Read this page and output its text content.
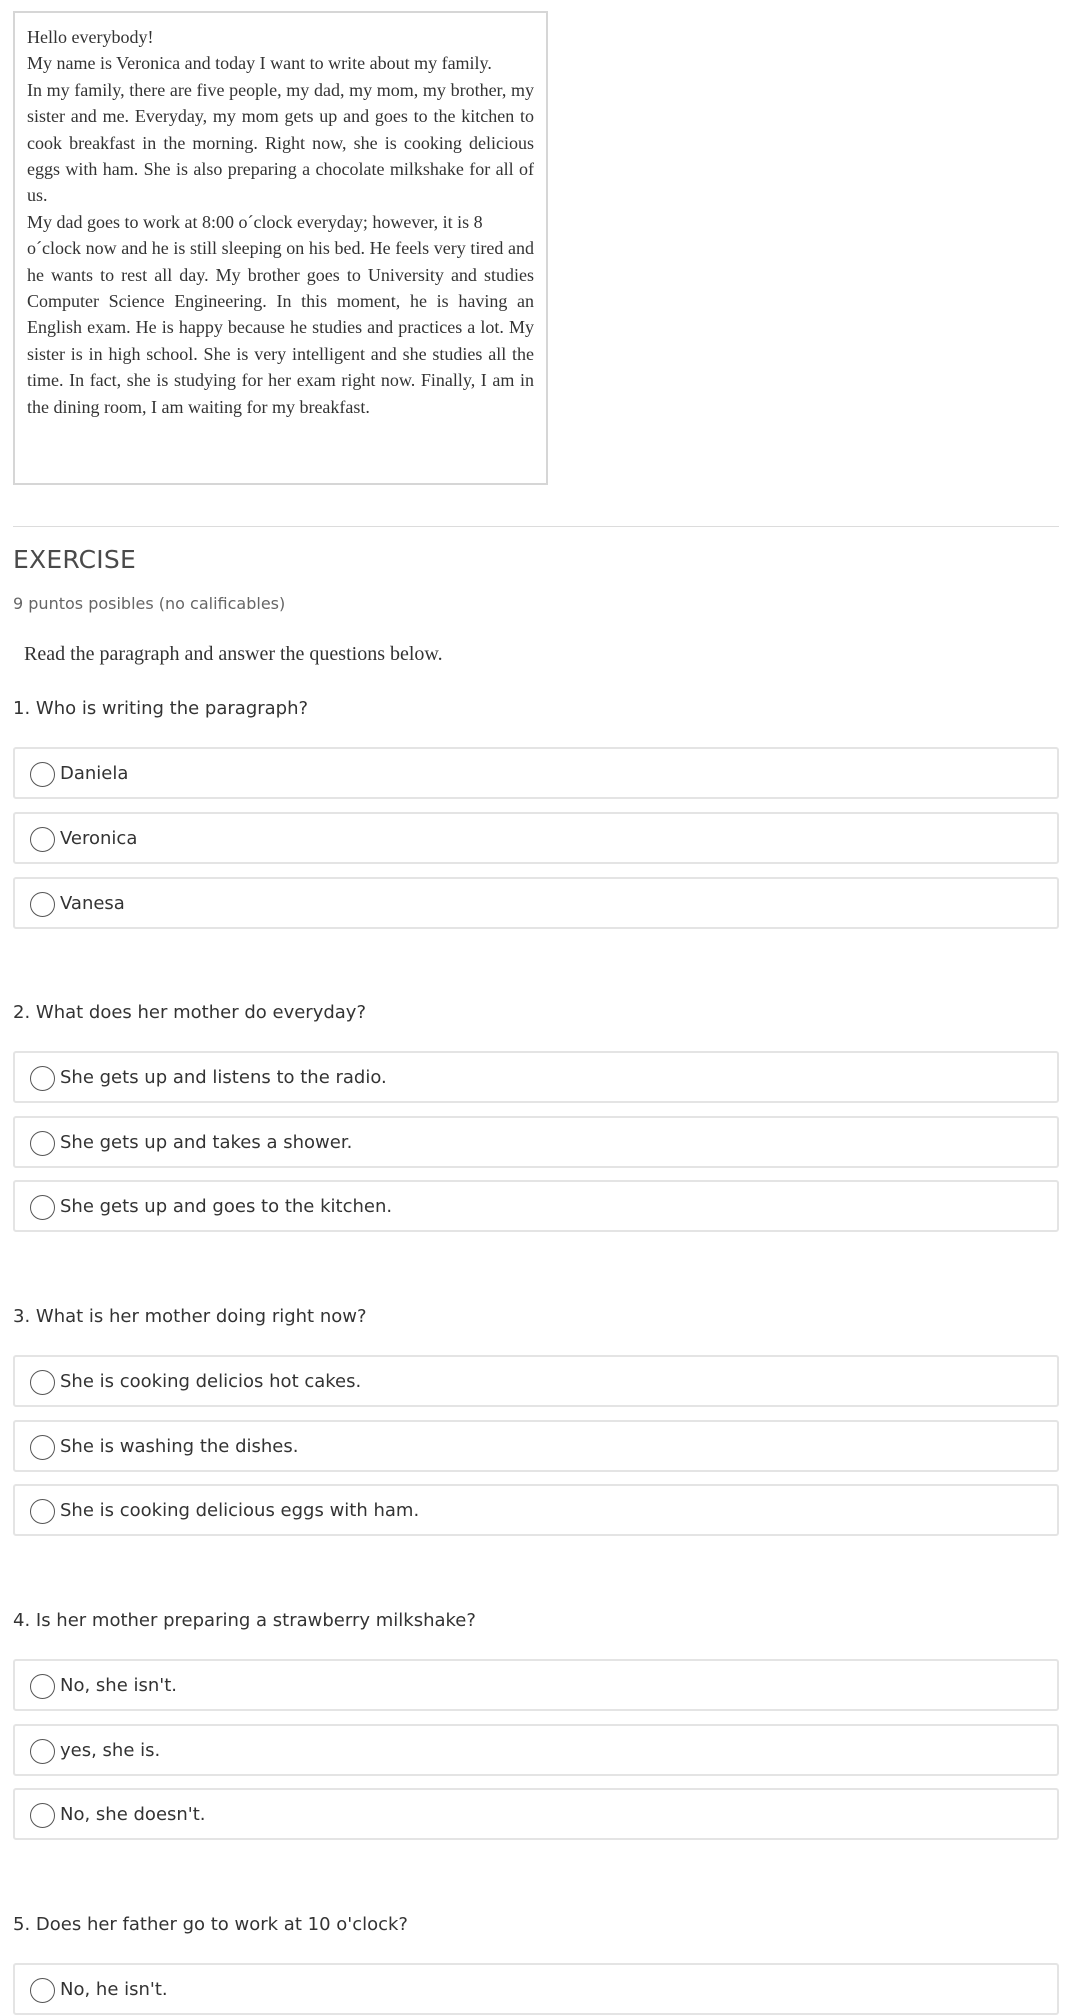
Hello everybody!

My name is Veronica and today I want to write about my family.

In my family, there are five people, my dad, my mom, my brother, my sister and me. Everyday, my mom gets up and goes to the kitchen to cook breakfast in the morning. Right now, she is cooking delicious eggs with ham. She is also preparing a chocolate milkshake for all of us.

My dad goes to work at 8:00 o´clock everyday; however, it is 8

o´clock now and he is still sleeping on his bed. He feels very tired and he wants to rest all day. My brother goes to University and studies Computer Science Engineering. In this moment, he is having an English exam. He is happy because he studies and practices a lot. My sister is in high school. She is very intelligent and she studies all the time. In fact, she is studying for her exam right now. Finally, I am in the dining room, I am waiting for my breakfast.

EXERCISE
9 puntos posibles (no calificables)
Read the paragraph and answer the questions below.
1. Who is writing the paragraph?
Daniela
Veronica
Vanesa
2. What does her mother do everyday?
She gets up and listens to the radio.
She gets up and takes a shower.
She gets up and goes to the kitchen.
3. What is her mother doing right now?
She is cooking delicios hot cakes.
She is washing the dishes.
She is cooking delicious eggs with ham.
4. Is her mother preparing a strawberry milkshake?
No, she isn't.
yes, she is.
No, she doesn't.
5. Does her father go to work at 10 o'clock?
No, he isn't.
